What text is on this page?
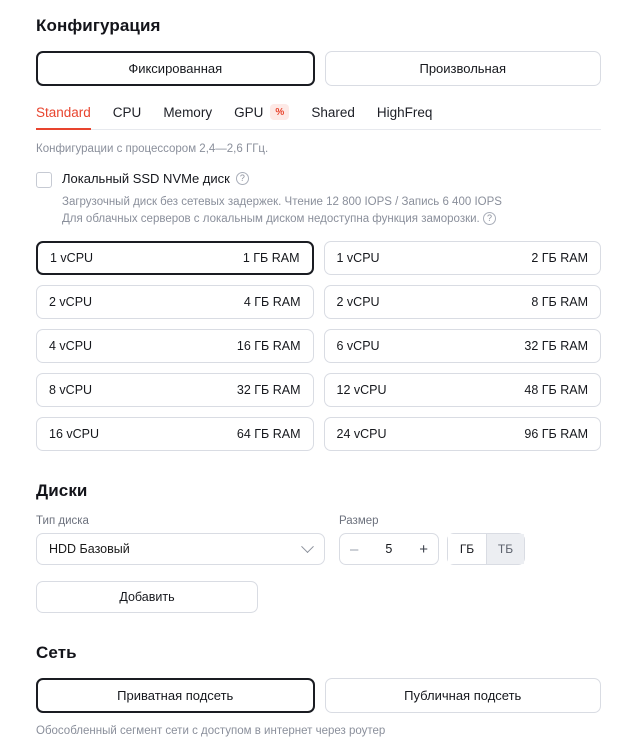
Конфигурация
Фиксированная	Произвольная
Standard CPU Memory GPU	%	Shared HighFreq
Конфигурации с процессором 2,4—2,6 ГГц.
Локальный SSD NVMe диск	?
Загрузочный диск без сетевых задержек. Чтение 12 800 IOPS / Запись 6 400 IOPS
Для облачных серверов с локальным диском недоступна функция заморозки. ?
1 vCPU	1 ГБ RAM	1 vCPU	2 ГБ RAM
2 vCPU	4 ГБ RAM	2 vCPU	8 ГБ RAM
4 vCPU	16 ГБ RAM	6 vCPU	32 ГБ RAM
8 vCPU	32 ГБ RAM	12 vCPU	48 ГБ RAM
16 vCPU	64 ГБ RAM	24 vCPU	96 ГБ RAM
Диски
Тип диска
HDD Базовый
Размер
– 5 +	ГБ	ТБ
Добавить
Сеть
Приватная подсеть	Публичная подсеть
Обособленный сегмент сети с доступом в интернет через роутер
